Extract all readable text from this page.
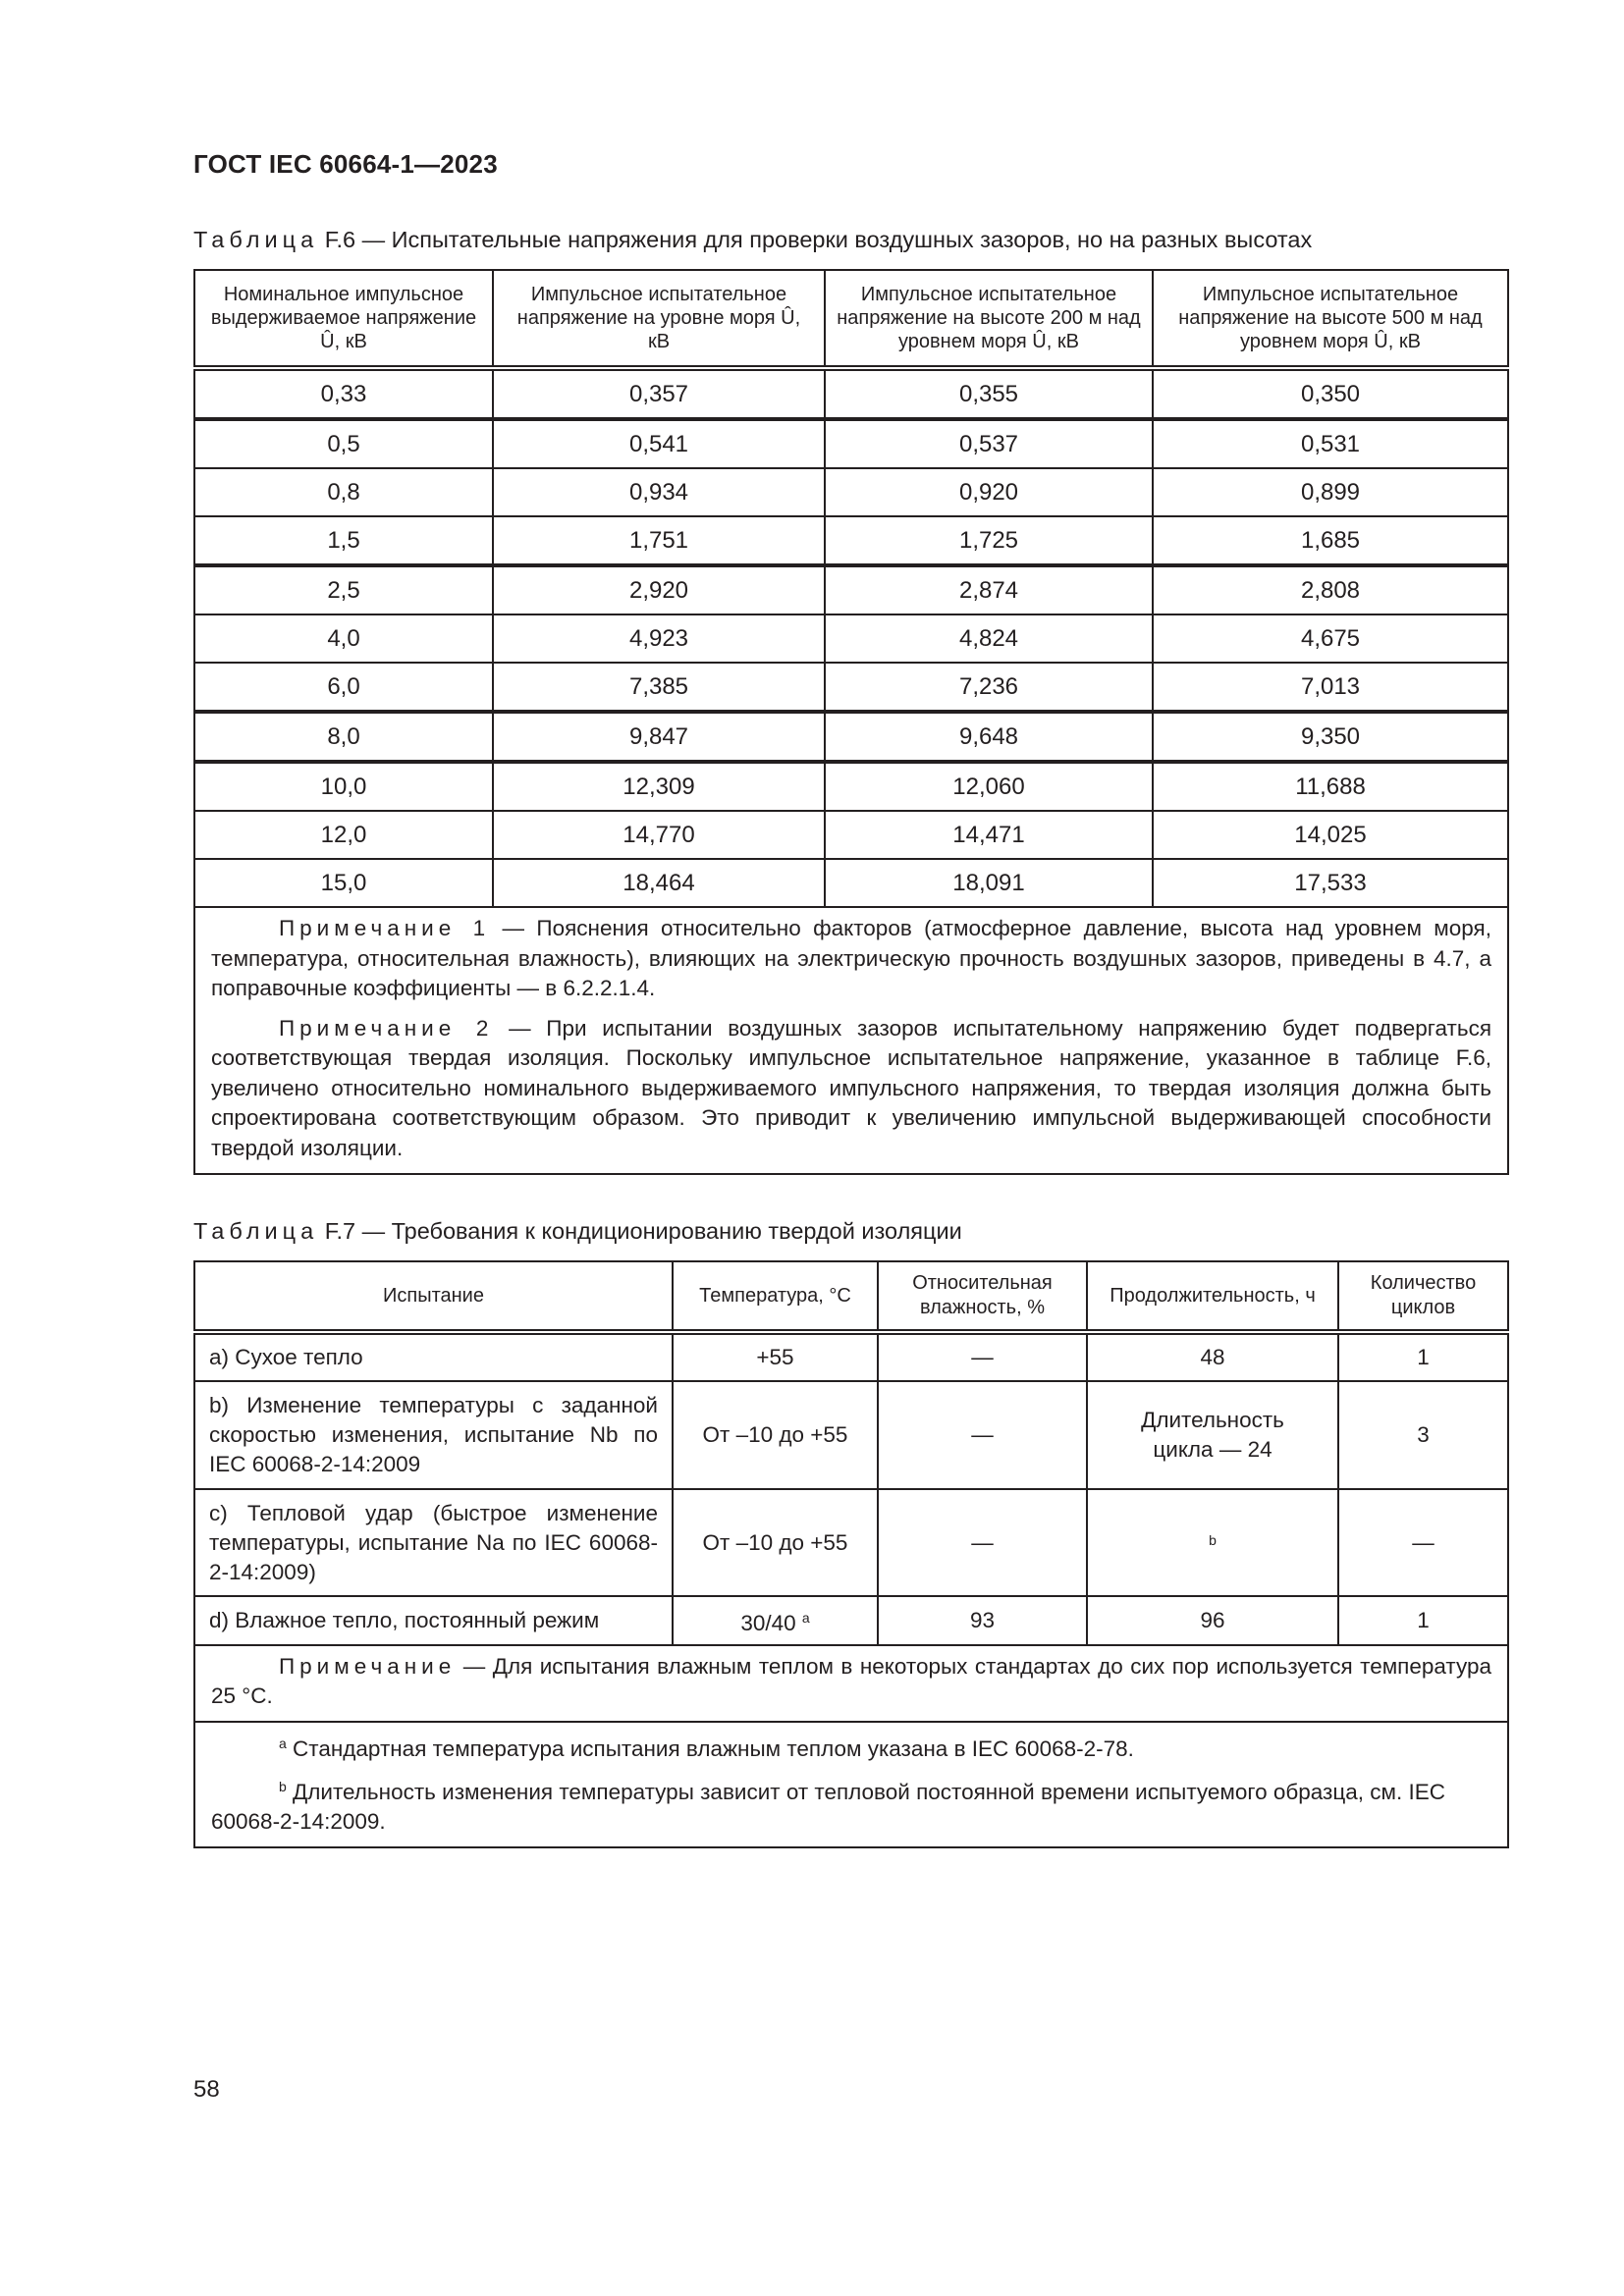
ГОСТ IEC 60664-1—2023
Таблица F.6 — Испытательные напряжения для проверки воздушных зазоров, но на разных высотах
Номинальное импульсное выдерживаемое напряжение Û, кВ	Импульсное испытательное напряжение на уровне моря Û, кВ	Импульсное испытательное напряжение на высоте 200 м над уровнем моря Û, кВ	Импульсное испытательное напряжение на высоте 500 м над уровнем моря Û, кВ
0,33	0,357	0,355	0,350
0,5	0,541	0,537	0,531
0,8	0,934	0,920	0,899
1,5	1,751	1,725	1,685
2,5	2,920	2,874	2,808
4,0	4,923	4,824	4,675
6,0	7,385	7,236	7,013
8,0	9,847	9,648	9,350
10,0	12,309	12,060	11,688
12,0	14,770	14,471	14,025
15,0	18,464	18,091	17,533

Примечание 1 — Пояснения относительно факторов (атмосферное давление, высота над уровнем моря, температура, относительная влажность), влияющих на электрическую прочность воздушных зазоров, приведены в 4.7, а поправочные коэффициенты — в 6.2.2.1.4.

Примечание 2 — При испытании воздушных зазоров испытательному напряжению будет подвергаться соответствующая твердая изоляция. Поскольку импульсное испытательное напряжение, указанное в таблице F.6, увеличено относительно номинального выдерживаемого импульсного напряжения, то твердая изоляция должна быть спроектирована соответствующим образом. Это приводит к увеличению импульсной выдерживающей способности твердой изоляции.			

Таблица F.7 — Требования к кондиционированию твердой изоляции
Испытание	Температура, °С	Относительная влажность, %	Продолжительность, ч	Количество циклов
а) Сухое тепло	+55	—	48	1
b) Изменение температуры с заданной скоростью изменения, испытание Nb по IEC 60068-2-14:2009	От –10 до +55	—	Длительность цикла — 24	3
c) Тепловой удар (быстрое изменение температуры, испытание Na по IEC 60068-2-14:2009)	От –10 до +55	—	$^b$	—
d) Влажное тепло, постоянный режим	30/40 $^a$	93	96	1

Примечание — Для испытания влажным теплом в некоторых стандартах до сих пор используется температура 25 °С.				

$^a$ Стандартная температура испытания влажным теплом указана в IEC 60068-2-78.

$^b$ Длительность изменения температуры зависит от тепловой постоянной времени испытуемого образца, см. IEC 60068-2-14:2009.				

58
